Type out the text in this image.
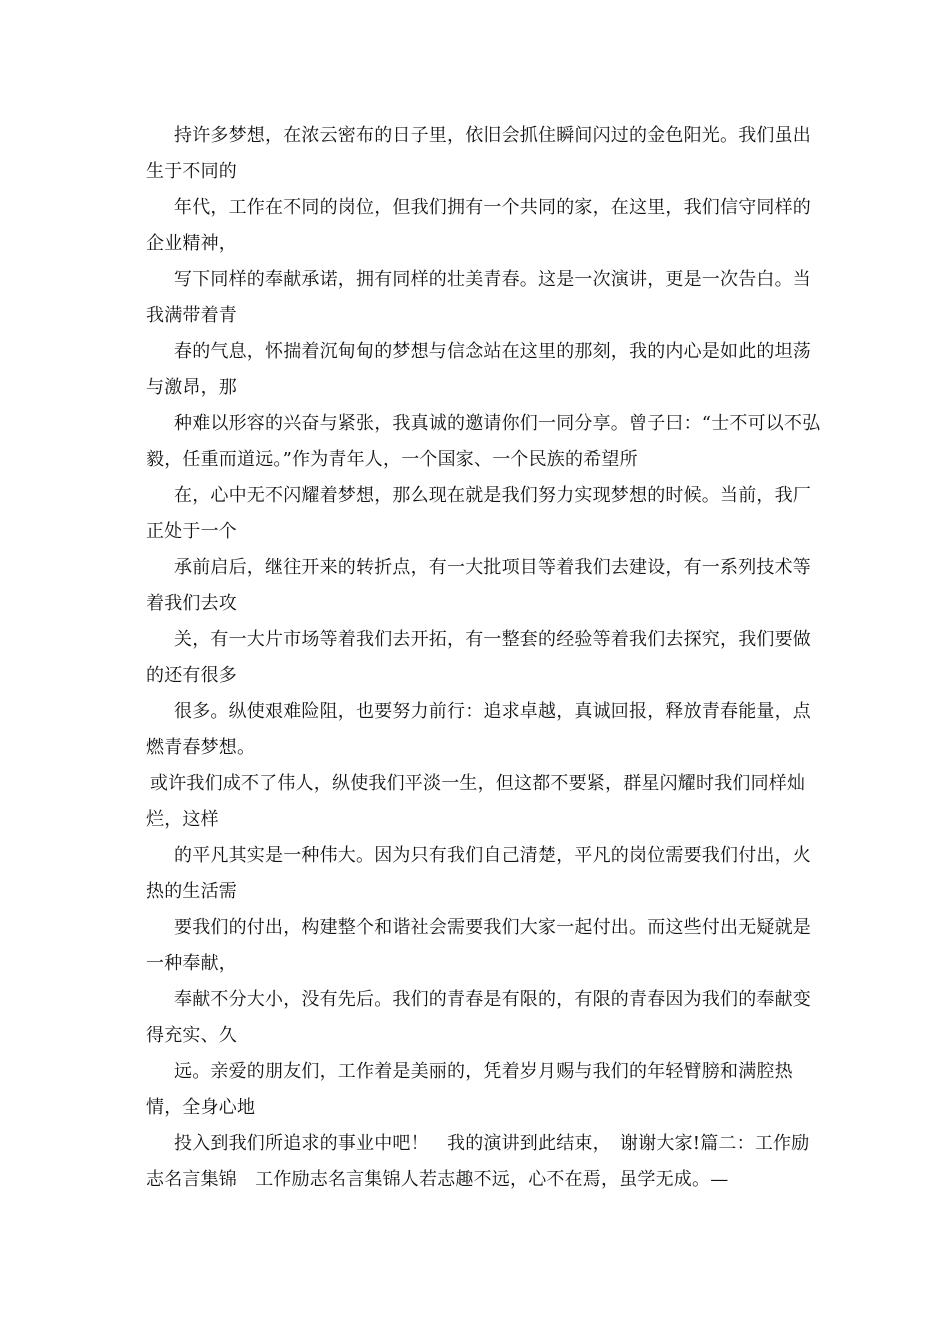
持许多梦想，在浓云密布的日子里，依旧会抓住瞬间闪过的金色阳光。我们虽出生于不同的

年代，工作在不同的岗位，但我们拥有一个共同的家，在这里，我们信守同样的企业精神，

写下同样的奉献承诺，拥有同样的壮美青春。这是一次演讲，更是一次告白。当我满带着青

春的气息，怀揣着沉甸甸的梦想与信念站在这里的那刻，我的内心是如此的坦荡与激昂，那

种难以形容的兴奋与紧张，我真诚的邀请你们一同分享。曾子曰：“士不可以不弘毅，任重而道远。”作为青年人，一个国家、一个民族的希望所

在，心中无不闪耀着梦想，那么现在就是我们努力实现梦想的时候。当前，我厂正处于一个

承前启后，继往开来的转折点，有一大批项目等着我们去建设，有一系列技术等着我们去攻

关，有一大片市场等着我们去开拓，有一整套的经验等着我们去探究，我们要做的还有很多

很多。纵使艰难险阻，也要努力前行：追求卓越，真诚回报，释放青春能量，点燃青春梦想。

或许我们成不了伟人，纵使我们平淡一生，但这都不要紧，群星闪耀时我们同样灿烂，这样

的平凡其实是一种伟大。因为只有我们自己清楚，平凡的岗位需要我们付出，火热的生活需

要我们的付出，构建整个和谐社会需要我们大家一起付出。而这些付出无疑就是一种奉献，

奉献不分大小，没有先后。我们的青春是有限的，有限的青春因为我们的奉献变得充实、久

远。亲爱的朋友们，工作着是美丽的，凭着岁月赐与我们的年轻臂膀和满腔热情，全身心地

投入到我们所追求的事业中吧！　我的演讲到此结束，　谢谢大家!篇二：工作励志名言集锦　工作励志名言集锦人若志趣不远，心不在焉，虽学无成。—
